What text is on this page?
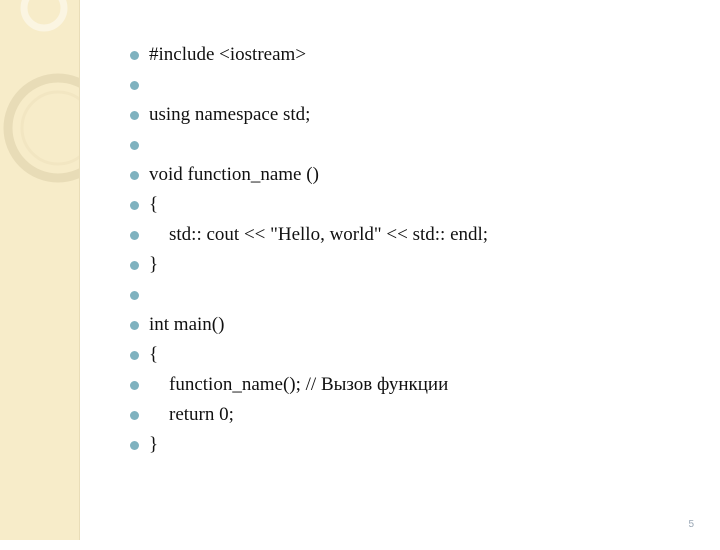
#include <iostream>

using namespace std;

void function_name ()

{

std:: cout << "Hello, world" << std:: endl;

}

int main()

{

function_name(); // Вызов функции

return 0;

}

5
